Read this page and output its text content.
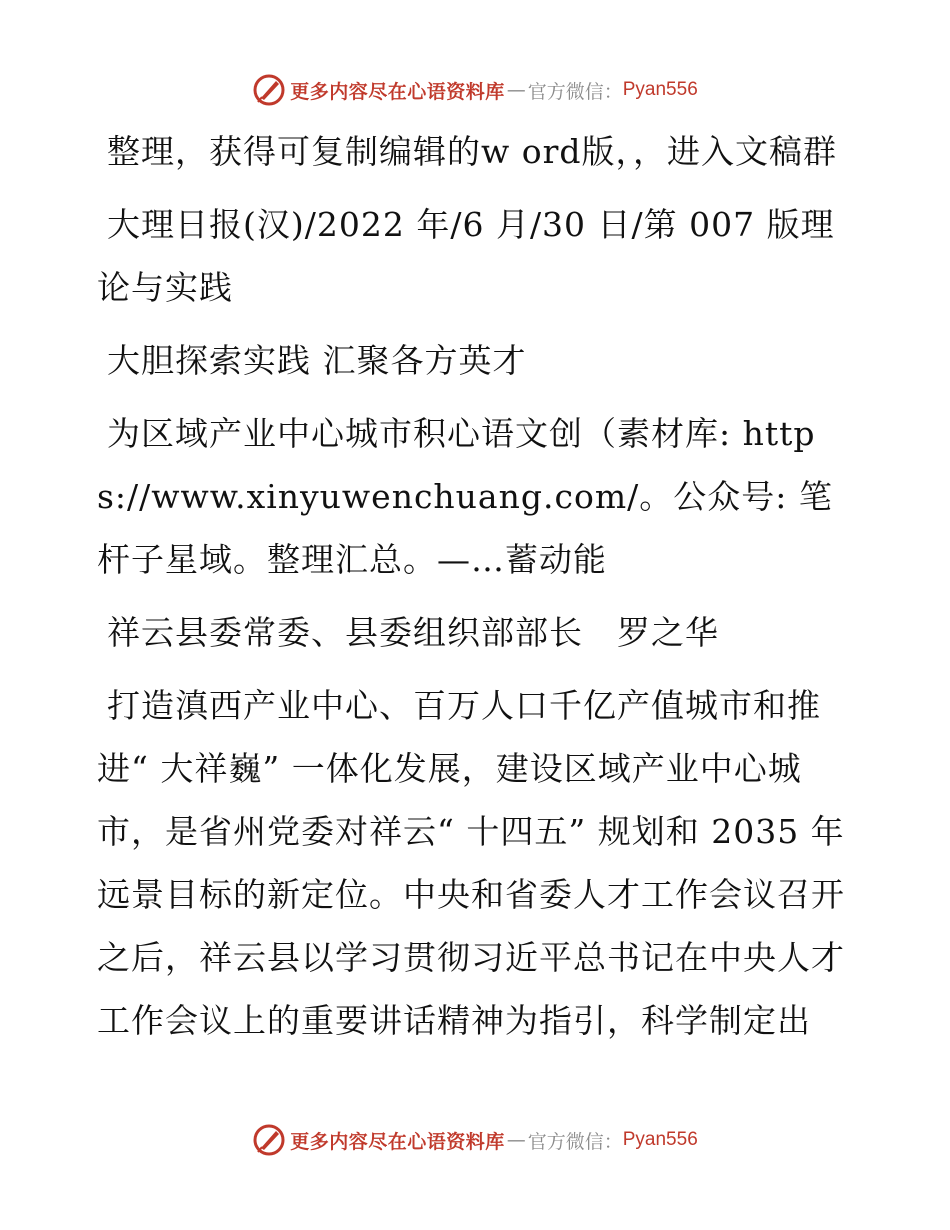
更多内容尽在心语资料库 — 官方微信： Pyan556

整理，获得可复制编辑的w ord版，，进入文稿群

大理日报(汉)/2022 年/6 月/30 日/第 007 版理论与实践

大胆探索实践 汇聚各方英才

为区域产业中心城市积心语文创（素材库: https://www.xinyuwenchuang.com/。公众号: 笔杆子星域。整理汇总。—…蓄动能

祥云县委常委、县委组织部部长　罗之华

打造滇西产业中心、百万人口千亿产值城市和推进“ 大祥巍” 一体化发展，建设区域产业中心城市，是省州党委对祥云“ 十四五” 规划和 2035 年远景目标的新定位。中央和省委人才工作会议召开之后，祥云县以学习贯彻习近平总书记在中央人才工作会议上的重要讲话精神为指引，科学制定出

更多内容尽在心语资料库 — 官方微信： Pyan556
